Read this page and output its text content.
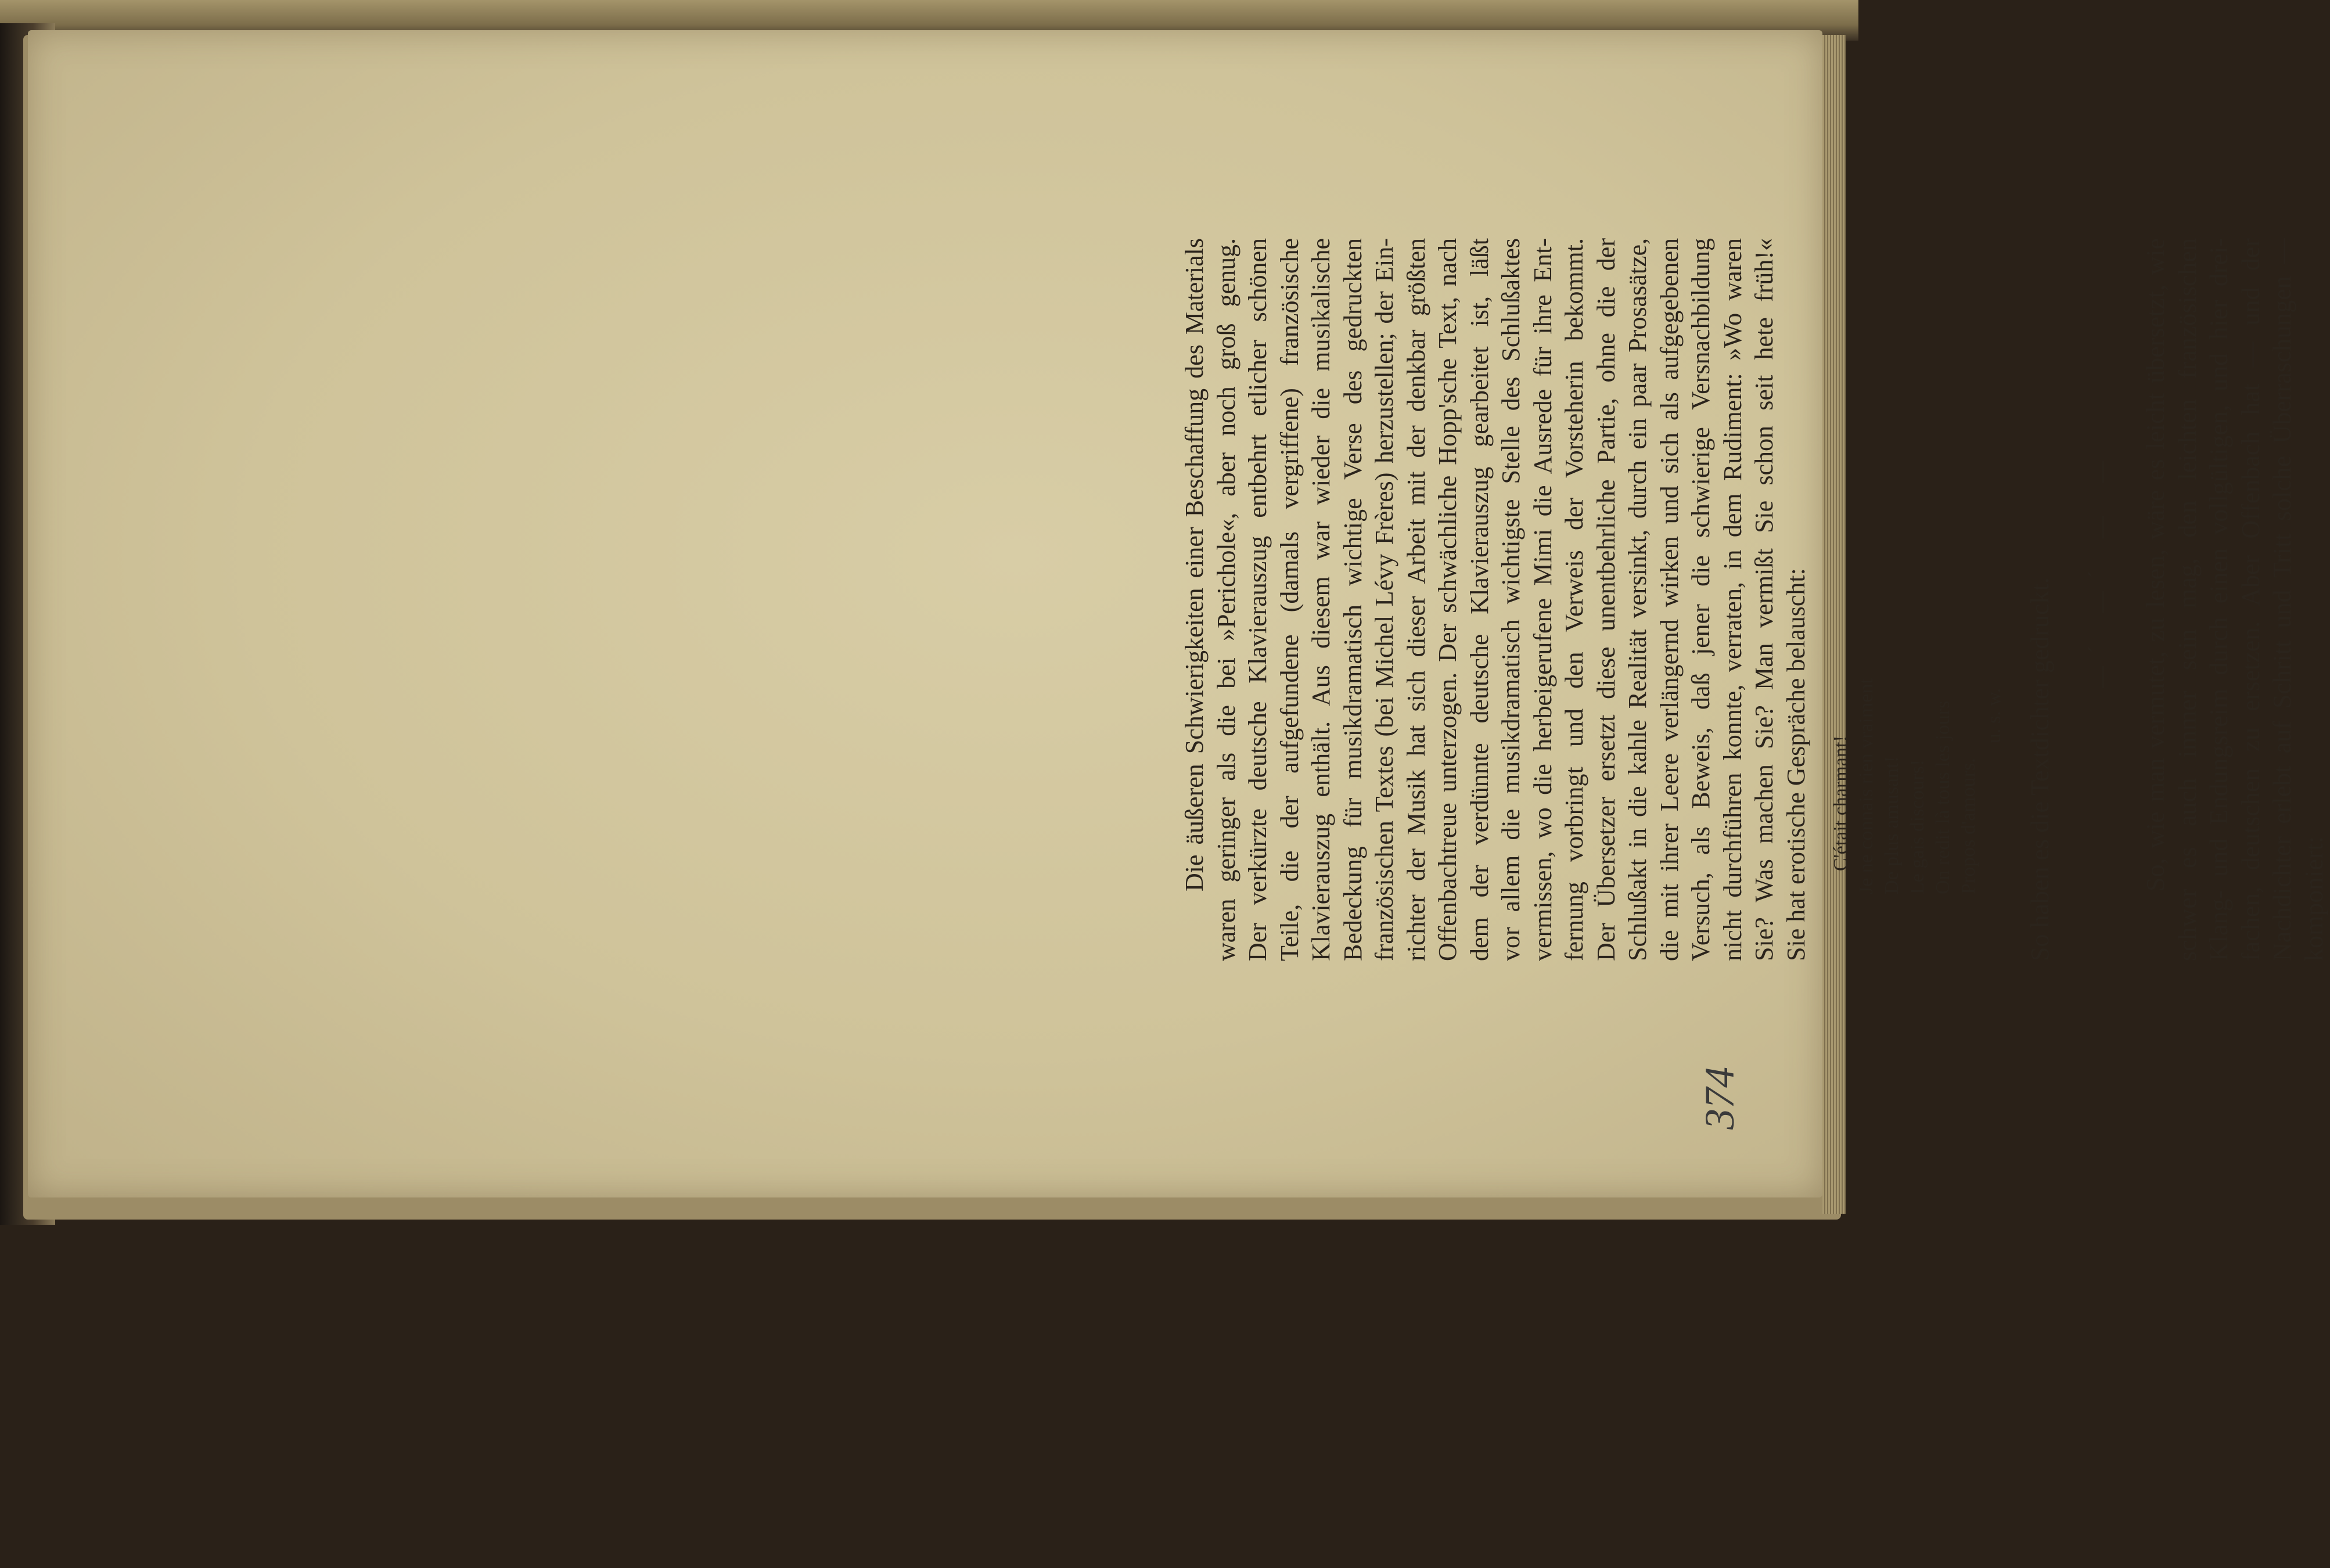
Die äußeren Schwierigkeiten einer Beschaffung des Materials waren geringer als die bei »Perichole«, aber noch groß genug. Der verkürzte deutsche Klavierauszug entbehrt etlicher schönen Teile, die der aufgefundene (damals vergriffene) französische Klavierauszug enthält. Aus diesem war wieder die musikalische Bedeckung für musikdramatisch wichtige Verse des gedruckten französischen Textes (bei Michel Lévy Frères) herzustellen; der Ein- richter der Musik hat sich dieser Arbeit mit der denkbar größten Offenbachtreue unterzogen. Der schwächliche Hopp'sche Text, nach dem der verdünnte deutsche Klavierauszug gearbeitet ist, läßt vor allem die musikdramatisch wichtigste Stelle des Schlußaktes vermissen, wo die herbeigerufene Mimi die Ausrede für ihre Ent- fernung vorbringt und den Verweis der Vorsteherin bekommt. Der Übersetzer ersetzt diese unentbehrliche Partie, ohne die der Schlußakt in die kahle Realität versinkt, durch ein paar Prosasätze, die mit ihrer Leere verlängernd wirken und sich als aufgegebenen Versuch, als Beweis, daß jener die schwierige Versnachbildung nicht durchführen konnte, verraten, in dem Rudiment: »Wo waren Sie? Was machen Sie? Man vermißt Sie schon seit hete früh!« Sie hat erotische Gespräche belauscht: C'était charmant! Je ne connais rien vraiment De plus amusant! Le gais discours! On redit là tous les jours Propos d'amours.
u. s. w. So haben es die Textdichter gedruckt.

— ́ — ́ — — So, wie man vermutet, zu lesen, wäre es leicht übersetzt, wie schwer es auch immer sein mag, den leichten französischen Klang- und Endungsreim durch einen vollgültigen, und hier drei- fachen, deutschen zu ersetzen. Aber Offenbach hat — und der Nachdichter erlebt auf Schritt und Tritt solche Überraschungen — komponiert:

374
